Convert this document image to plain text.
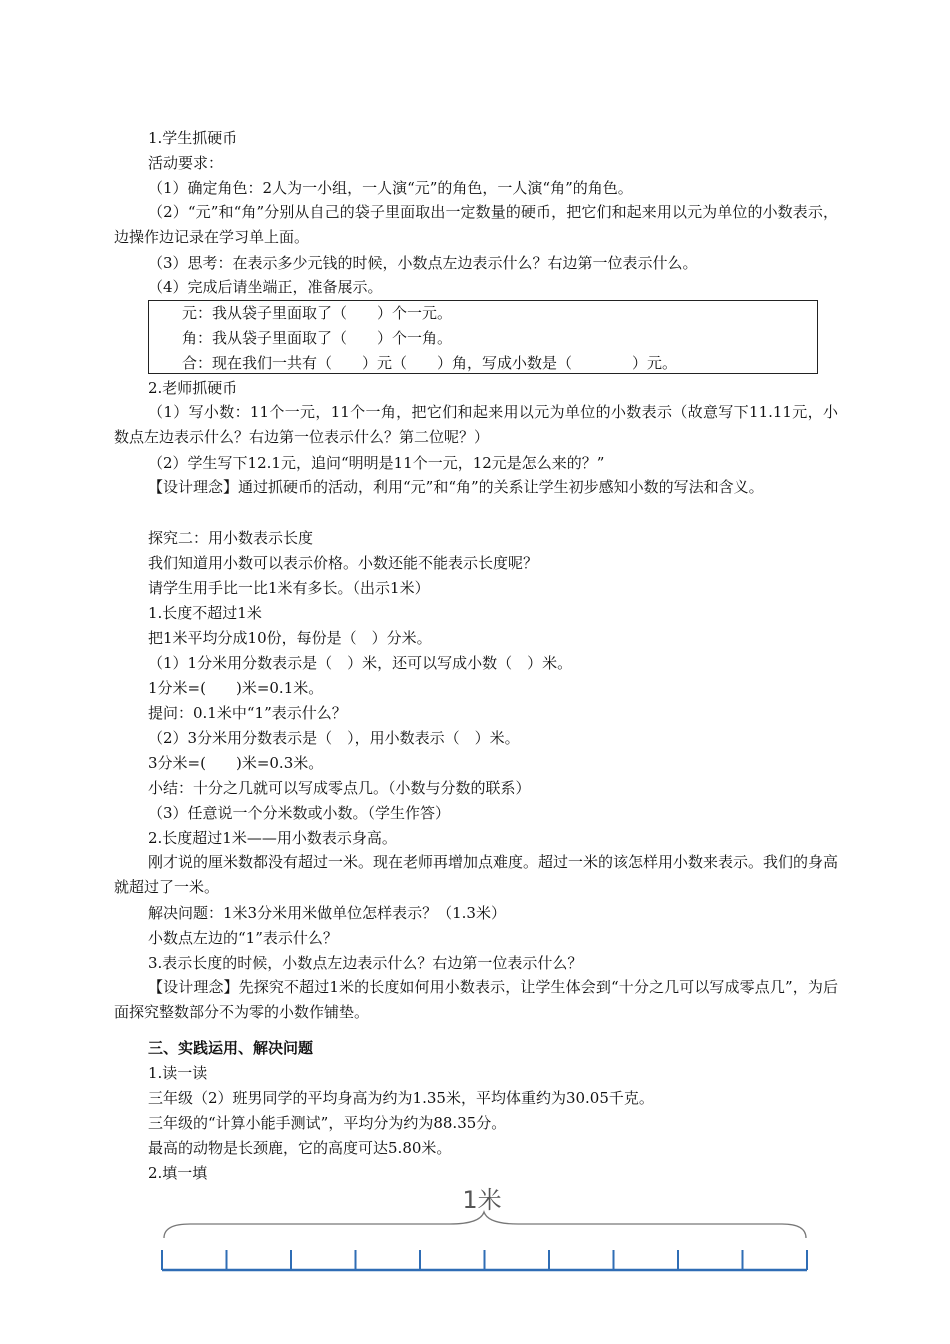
1.学生抓硬币
活动要求：
（1）确定角色：2人为一小组，一人演“元”的角色，一人演“角”的角色。
（2）“元”和“角”分别从自己的袋子里面取出一定数量的硬币，把它们和起来用以元为单位的小数表示，边操作边记录在学习单上面。
（3）思考：在表示多少元钱的时候，小数点左边表示什么？右边第一位表示什么。
（4）完成后请坐端正，准备展示。
元：我从袋子里面取了（　　）个一元。
角：我从袋子里面取了（　　）个一角。
合：现在我们一共有（　　）元（　　）角，写成小数是（　　　　）元。
2.老师抓硬币
（1）写小数：11个一元，11个一角，把它们和起来用以元为单位的小数表示（故意写下11.11元，小数点左边表示什么？右边第一位表示什么？第二位呢？）
（2）学生写下12.1元，追问“明明是11个一元，12元是怎么来的？”
【设计理念】通过抓硬币的活动，利用“元”和“角”的关系让学生初步感知小数的写法和含义。
探究二：用小数表示长度
我们知道用小数可以表示价格。小数还能不能表示长度呢？
请学生用手比一比1米有多长。（出示1米）
1.长度不超过1米
把1米平均分成10份，每份是（　）分米。
（1）1分米用分数表示是（　）米，还可以写成小数（　）米。
1分米=(　　)米=0.1米。
提问：0.1米中“1”表示什么？
（2）3分米用分数表示是（　），用小数表示（　）米。
3分米=(　　)米=0.3米。
小结：十分之几就可以写成零点几。（小数与分数的联系）
（3）任意说一个分米数或小数。（学生作答）
2.长度超过1米——用小数表示身高。
刚才说的厘米数都没有超过一米。现在老师再增加点难度。超过一米的该怎样用小数来表示。我们的身高就超过了一米。
解决问题：1米3分米用米做单位怎样表示？（1.3米）
小数点左边的“1”表示什么？
3.表示长度的时候，小数点左边表示什么？右边第一位表示什么？
【设计理念】先探究不超过1米的长度如何用小数表示，让学生体会到“十分之几可以写成零点几”，为后面探究整数部分不为零的小数作铺垫。
三、实践运用、解决问题
1.读一读
三年级（2）班男同学的平均身高为约为1.35米，平均体重约为30.05千克。
三年级的“计算小能手测试”，平均分为约为88.35分。
最高的动物是长颈鹿，它的高度可达5.80米。
2.填一填
1米
